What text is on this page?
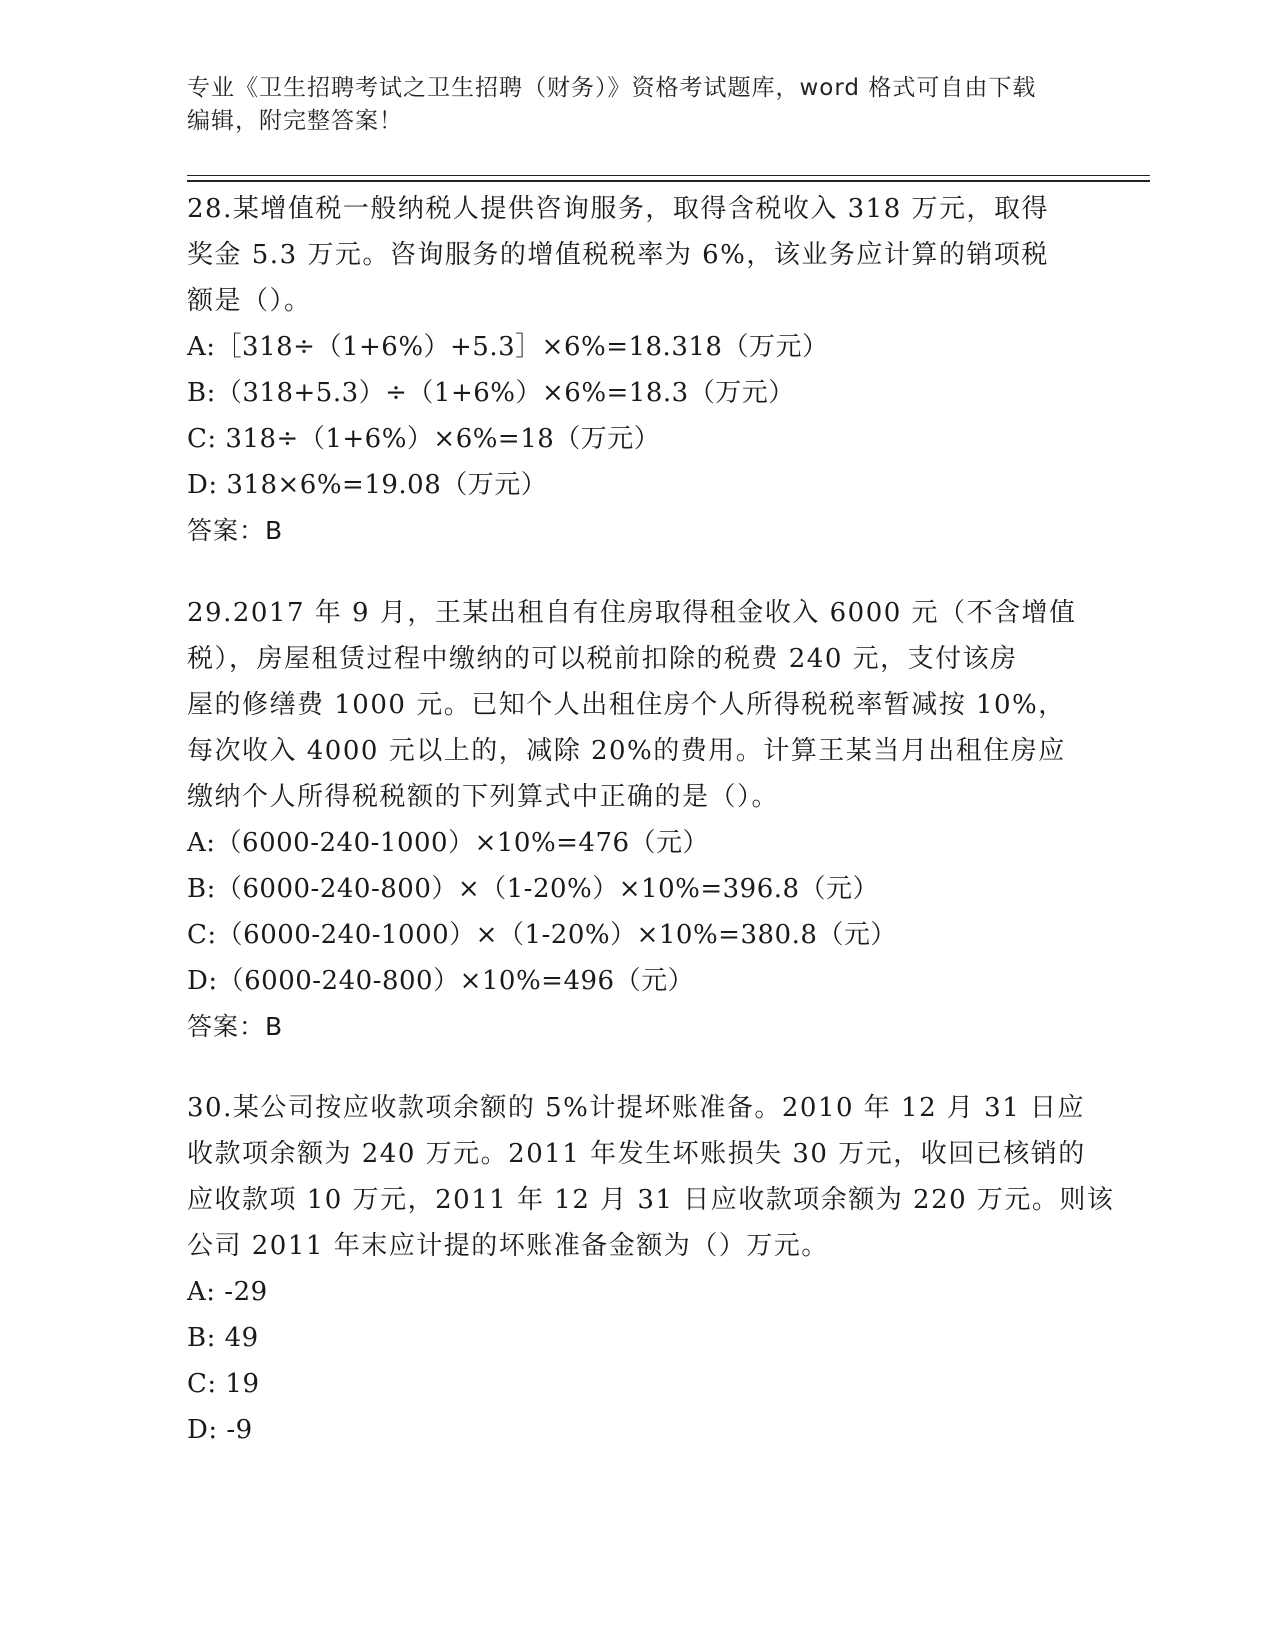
专业《卫生招聘考试之卫生招聘（财务）》资格考试题库，word 格式可自由下载
编辑，附完整答案！
28.某增值税一般纳税人提供咨询服务，取得含税收入 318 万元，取得
奖金 5.3 万元。咨询服务的增值税税率为 6%，该业务应计算的销项税
额是（）。
A:［318÷（1+6%）+5.3］×6%=18.318（万元）
B:（318+5.3）÷（1+6%）×6%=18.3（万元）
C: 318÷（1+6%）×6%=18（万元）
D: 318×6%=19.08（万元）
答案：B
29.2017 年 9 月，王某出租自有住房取得租金收入 6000 元（不含增值
税），房屋租赁过程中缴纳的可以税前扣除的税费 240 元，支付该房
屋的修缮费 1000 元。已知个人出租住房个人所得税税率暂减按 10%，
每次收入 4000 元以上的，减除 20%的费用。计算王某当月出租住房应
缴纳个人所得税税额的下列算式中正确的是（）。
A:（6000-240-1000）×10%=476（元）
B:（6000-240-800）×（1-20%）×10%=396.8（元）
C:（6000-240-1000）×（1-20%）×10%=380.8（元）
D:（6000-240-800）×10%=496（元）
答案：B
30.某公司按应收款项余额的 5%计提坏账准备。2010 年 12 月 31 日应
收款项余额为 240 万元。2011 年发生坏账损失 30 万元，收回已核销的
应收款项 10 万元，2011 年 12 月 31 日应收款项余额为 220 万元。则该
公司 2011 年末应计提的坏账准备金额为（）万元。
A: -29
B: 49
C: 19
D: -9
